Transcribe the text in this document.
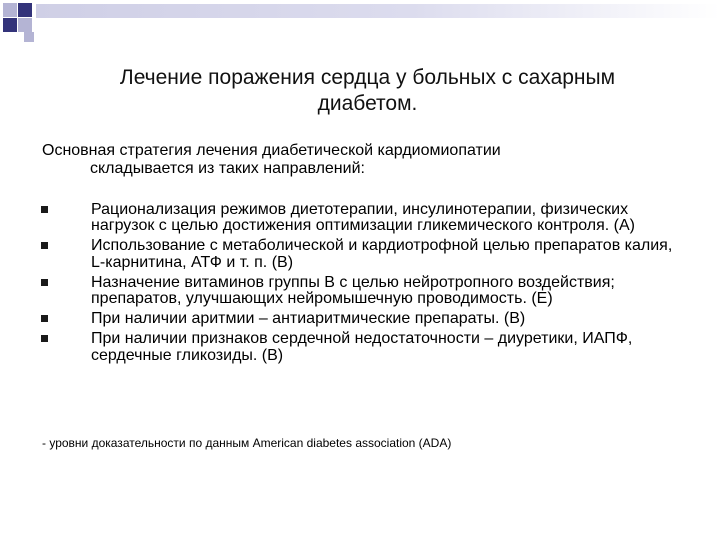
Лечение поражения сердца у больных с сахарным
диабетом.
Основная стратегия лечения диабетической кардиомиопатии
складывается из таких направлений:
Рационализация режимов диетотерапии, инсулинотерапии, физических нагрузок с целью достижения оптимизации гликемического контроля. (А)
Использование с метаболической и кардиотрофной целью препаратов калия, L-карнитина, АТФ и т. п. (В)
Назначение витаминов группы В с целью нейротропного воздействия; препаратов, улучшающих нейромышечную проводимость. (Е)
При наличии аритмии – антиаритмические препараты. (В)
При наличии признаков сердечной недостаточности – диуретики, ИАПФ, сердечные гликозиды. (В)
- уровни доказательности по данным American diabetes association (ADA)
